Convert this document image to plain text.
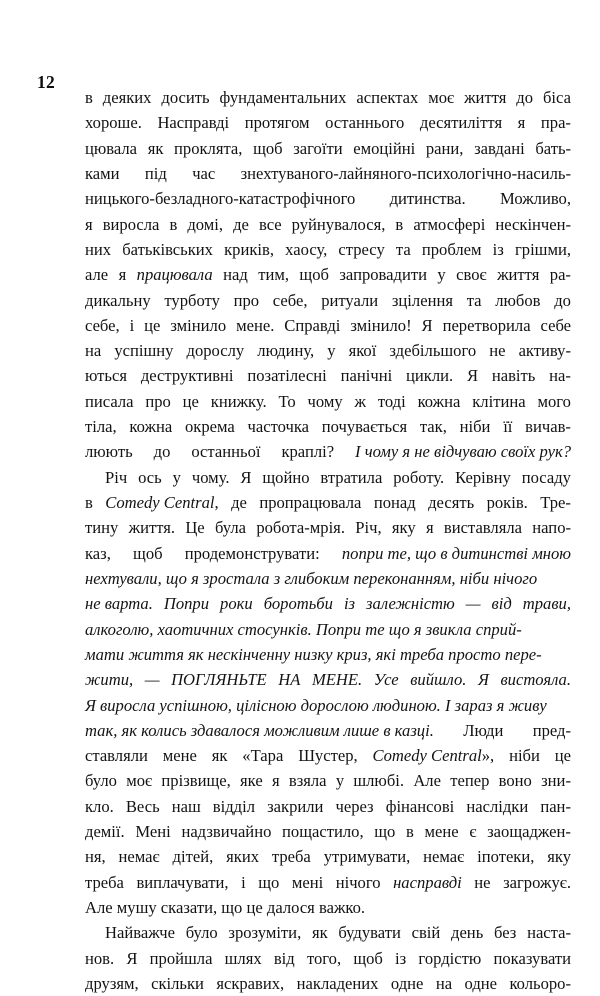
12
в деяких досить фундаментальних аспектах моє життя до біса
хороше. Насправді протягом останнього десятиліття я пра-
цювала як проклята, щоб загоїти емоційні рани, завдані бать-
ками під час знехтуваного-лайняного-психологічно-насиль-
ницького-безладного-катастрофічного дитинства. Можливо,
я виросла в домі, де все руйнувалося, в атмосфері нескінчен-
них батьківських криків, хаосу, стресу та проблем із грішми,
але я працювала над тим, щоб запровадити у своє життя ра-
дикальну турботу про себе, ритуали зцілення та любов до
себе, і це змінило мене. Справді змінило! Я перетворила себе
на успішну дорослу людину, у якої здебільшого не активу-
ються деструктивні позатілесні панічні цикли. Я навіть на-
писала про це книжку. То чому ж тоді кожна клітина мого
тіла, кожна окрема часточка почувається так, ніби її вичав-
люють до останньої краплі? І чому я не відчуваю своїх рук?
Річ ось у чому. Я щойно втратила роботу. Керівну посаду
в Comedy Central, де пропрацювала понад десять років. Тре-
тину життя. Це була робота-мрія. Річ, яку я виставляла напо-
каз, щоб продемонструвати: попри те, що в дитинстві мною
нехтували, що я зростала з глибоким переконанням, ніби нічого
не варта. Попри роки боротьби із залежністю — від трави,
алкоголю, хаотичних стосунків. Попри те що я звикла сприй-
мати життя як нескінченну низку криз, які треба просто пере-
жити, — ПОГЛЯНЬТЕ НА МЕНЕ. Усе вийшло. Я вистояла.
Я виросла успішною, цілісною дорослою людиною. І зараз я живу
так, як колись здавалося можливим лише в казці. Люди пред-
ставляли мене як «Тара Шустер, Comedy Central», ніби це
було моє прізвище, яке я взяла у шлюбі. Але тепер воно зни-
кло. Весь наш відділ закрили через фінансові наслідки пан-
демії. Мені надзвичайно пощастило, що в мене є заощаджен-
ня, немає дітей, яких треба утримувати, немає іпотеки, яку
треба виплачувати, і що мені нічого насправді не загрожує.
Але мушу сказати, що це далося важко.
Найважче було зрозуміти, як будувати свій день без наста-
нов. Я пройшла шлях від того, щоб із гордістю показувати
друзям, скільки яскравих, накладених одне на одне кольоро-
